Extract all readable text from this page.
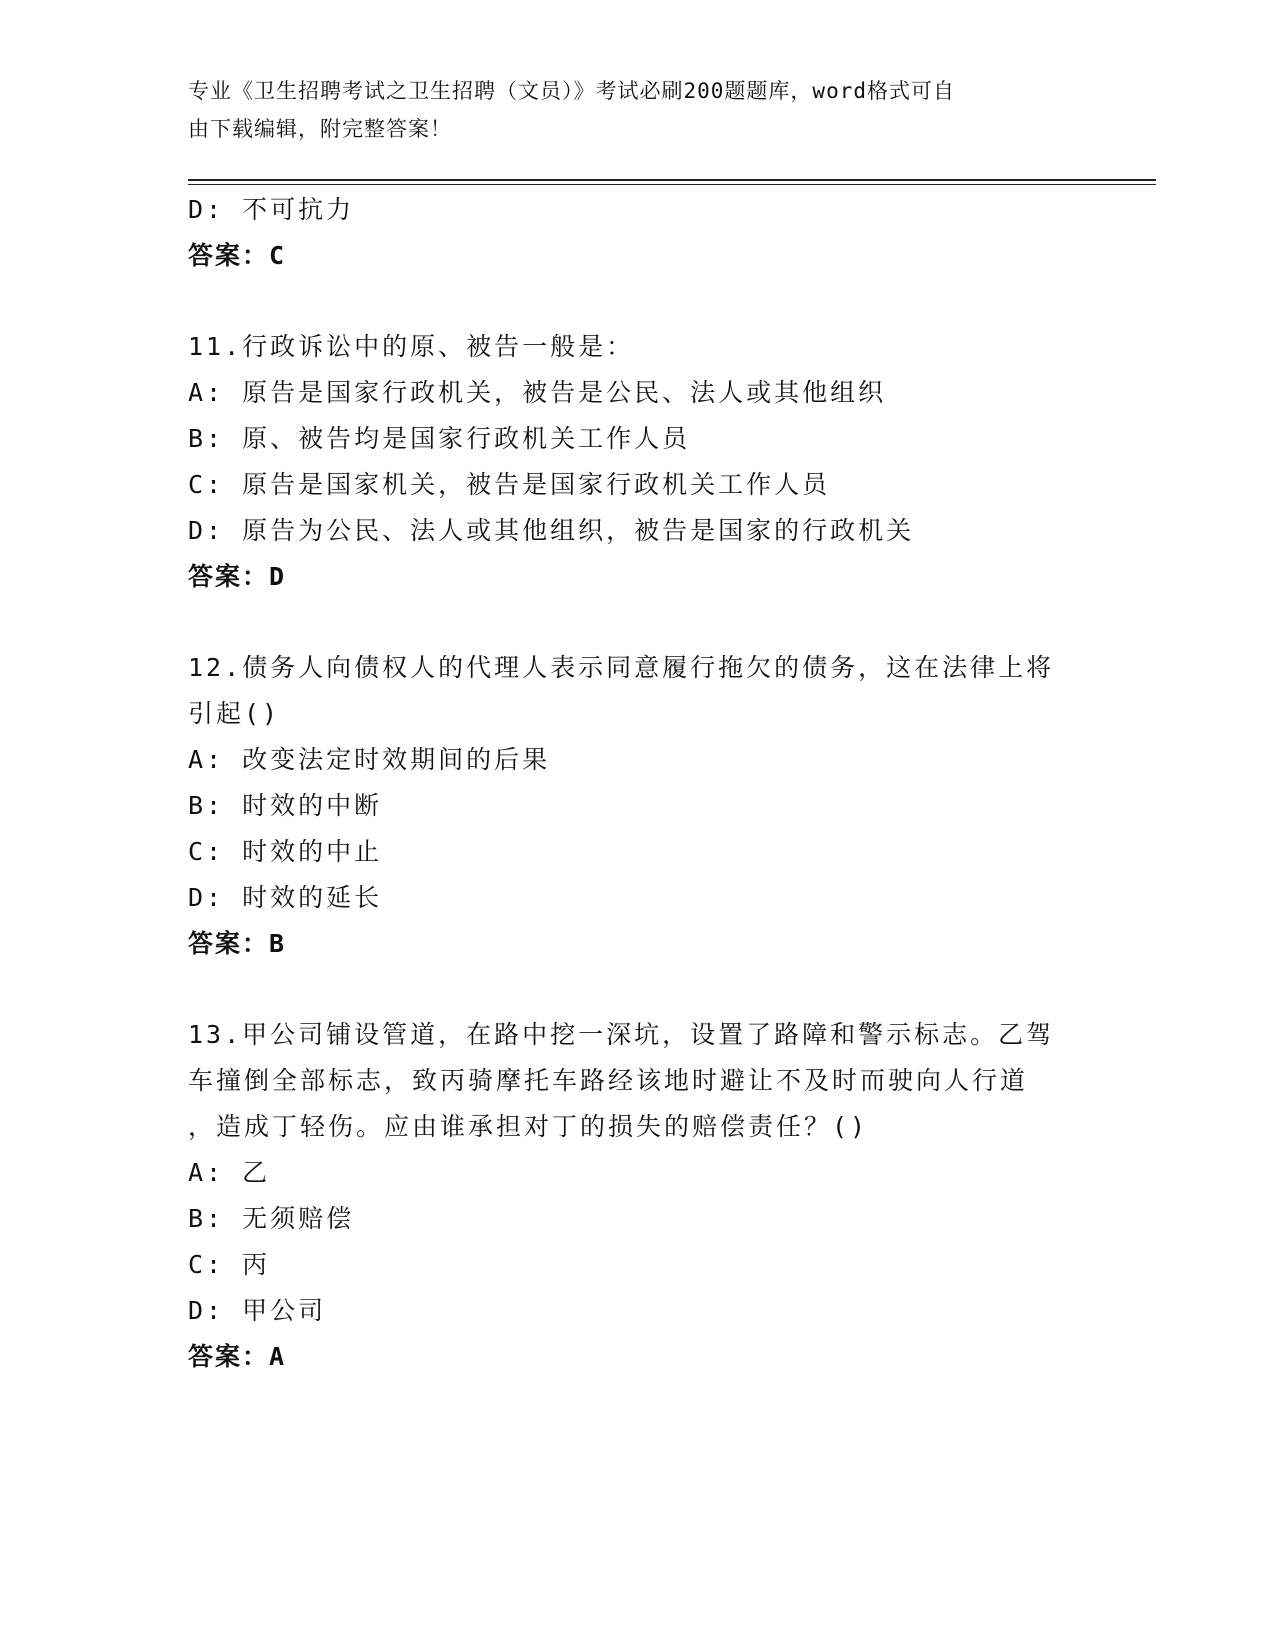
专业《卫生招聘考试之卫生招聘（文员）》考试必刷200题题库，word格式可自
由下载编辑，附完整答案！
D: 不可抗力
答案：C
11.行政诉讼中的原、被告一般是：
A: 原告是国家行政机关，被告是公民、法人或其他组织
B: 原、被告均是国家行政机关工作人员
C: 原告是国家机关，被告是国家行政机关工作人员
D: 原告为公民、法人或其他组织，被告是国家的行政机关
答案：D
12.债务人向债权人的代理人表示同意履行拖欠的债务，这在法律上将
引起()
A: 改变法定时效期间的后果
B: 时效的中断
C: 时效的中止
D: 时效的延长
答案：B
13.甲公司铺设管道，在路中挖一深坑，设置了路障和警示标志。乙驾
车撞倒全部标志，致丙骑摩托车路经该地时避让不及时而驶向人行道
，造成丁轻伤。应由谁承担对丁的损失的赔偿责任？()
A: 乙
B: 无须赔偿
C: 丙
D: 甲公司
答案：A
